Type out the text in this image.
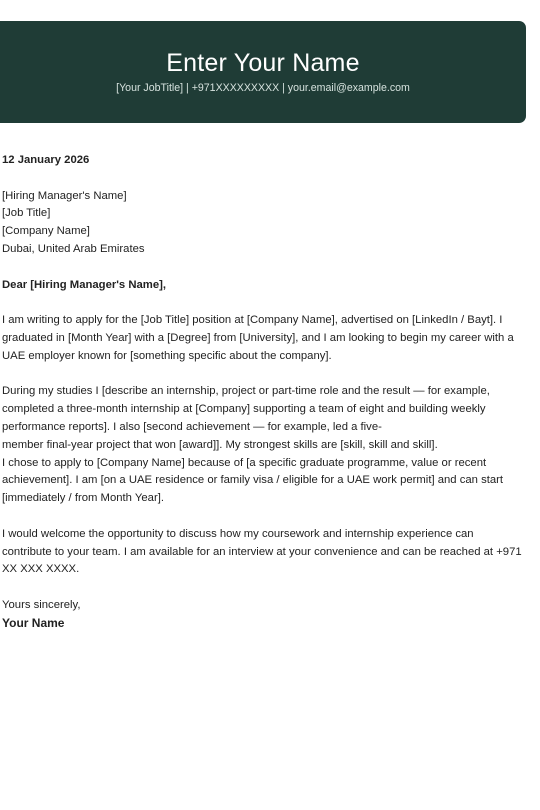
Enter Your Name
[Your JobTitle] | +971XXXXXXXXX | your.email@example.com
12 January 2026
[Hiring Manager's Name]
[Job Title]
[Company Name]
Dubai, United Arab Emirates
Dear [Hiring Manager's Name],
I am writing to apply for the [Job Title] position at [Company Name], advertised on [LinkedIn / Bayt]. I
graduated in [Month Year] with a [Degree] from [University], and I am looking to begin my career with a
UAE employer known for [something specific about the company].
During my studies I [describe an internship, project or part-time role and the result — for example,
completed a three-month internship at [Company] supporting a team of eight and building weekly
performance reports]. I also [second achievement — for example, led a five-
member final-year project that won [award]]. My strongest skills are [skill, skill and skill].
I chose to apply to [Company Name] because of [a specific graduate programme, value or recent
achievement]. I am [on a UAE residence or family visa / eligible for a UAE work permit] and can start
[immediately / from Month Year].
I would welcome the opportunity to discuss how my coursework and internship experience can
contribute to your team. I am available for an interview at your convenience and can be reached at +971
XX XXX XXXX.
Yours sincerely,
Your Name
